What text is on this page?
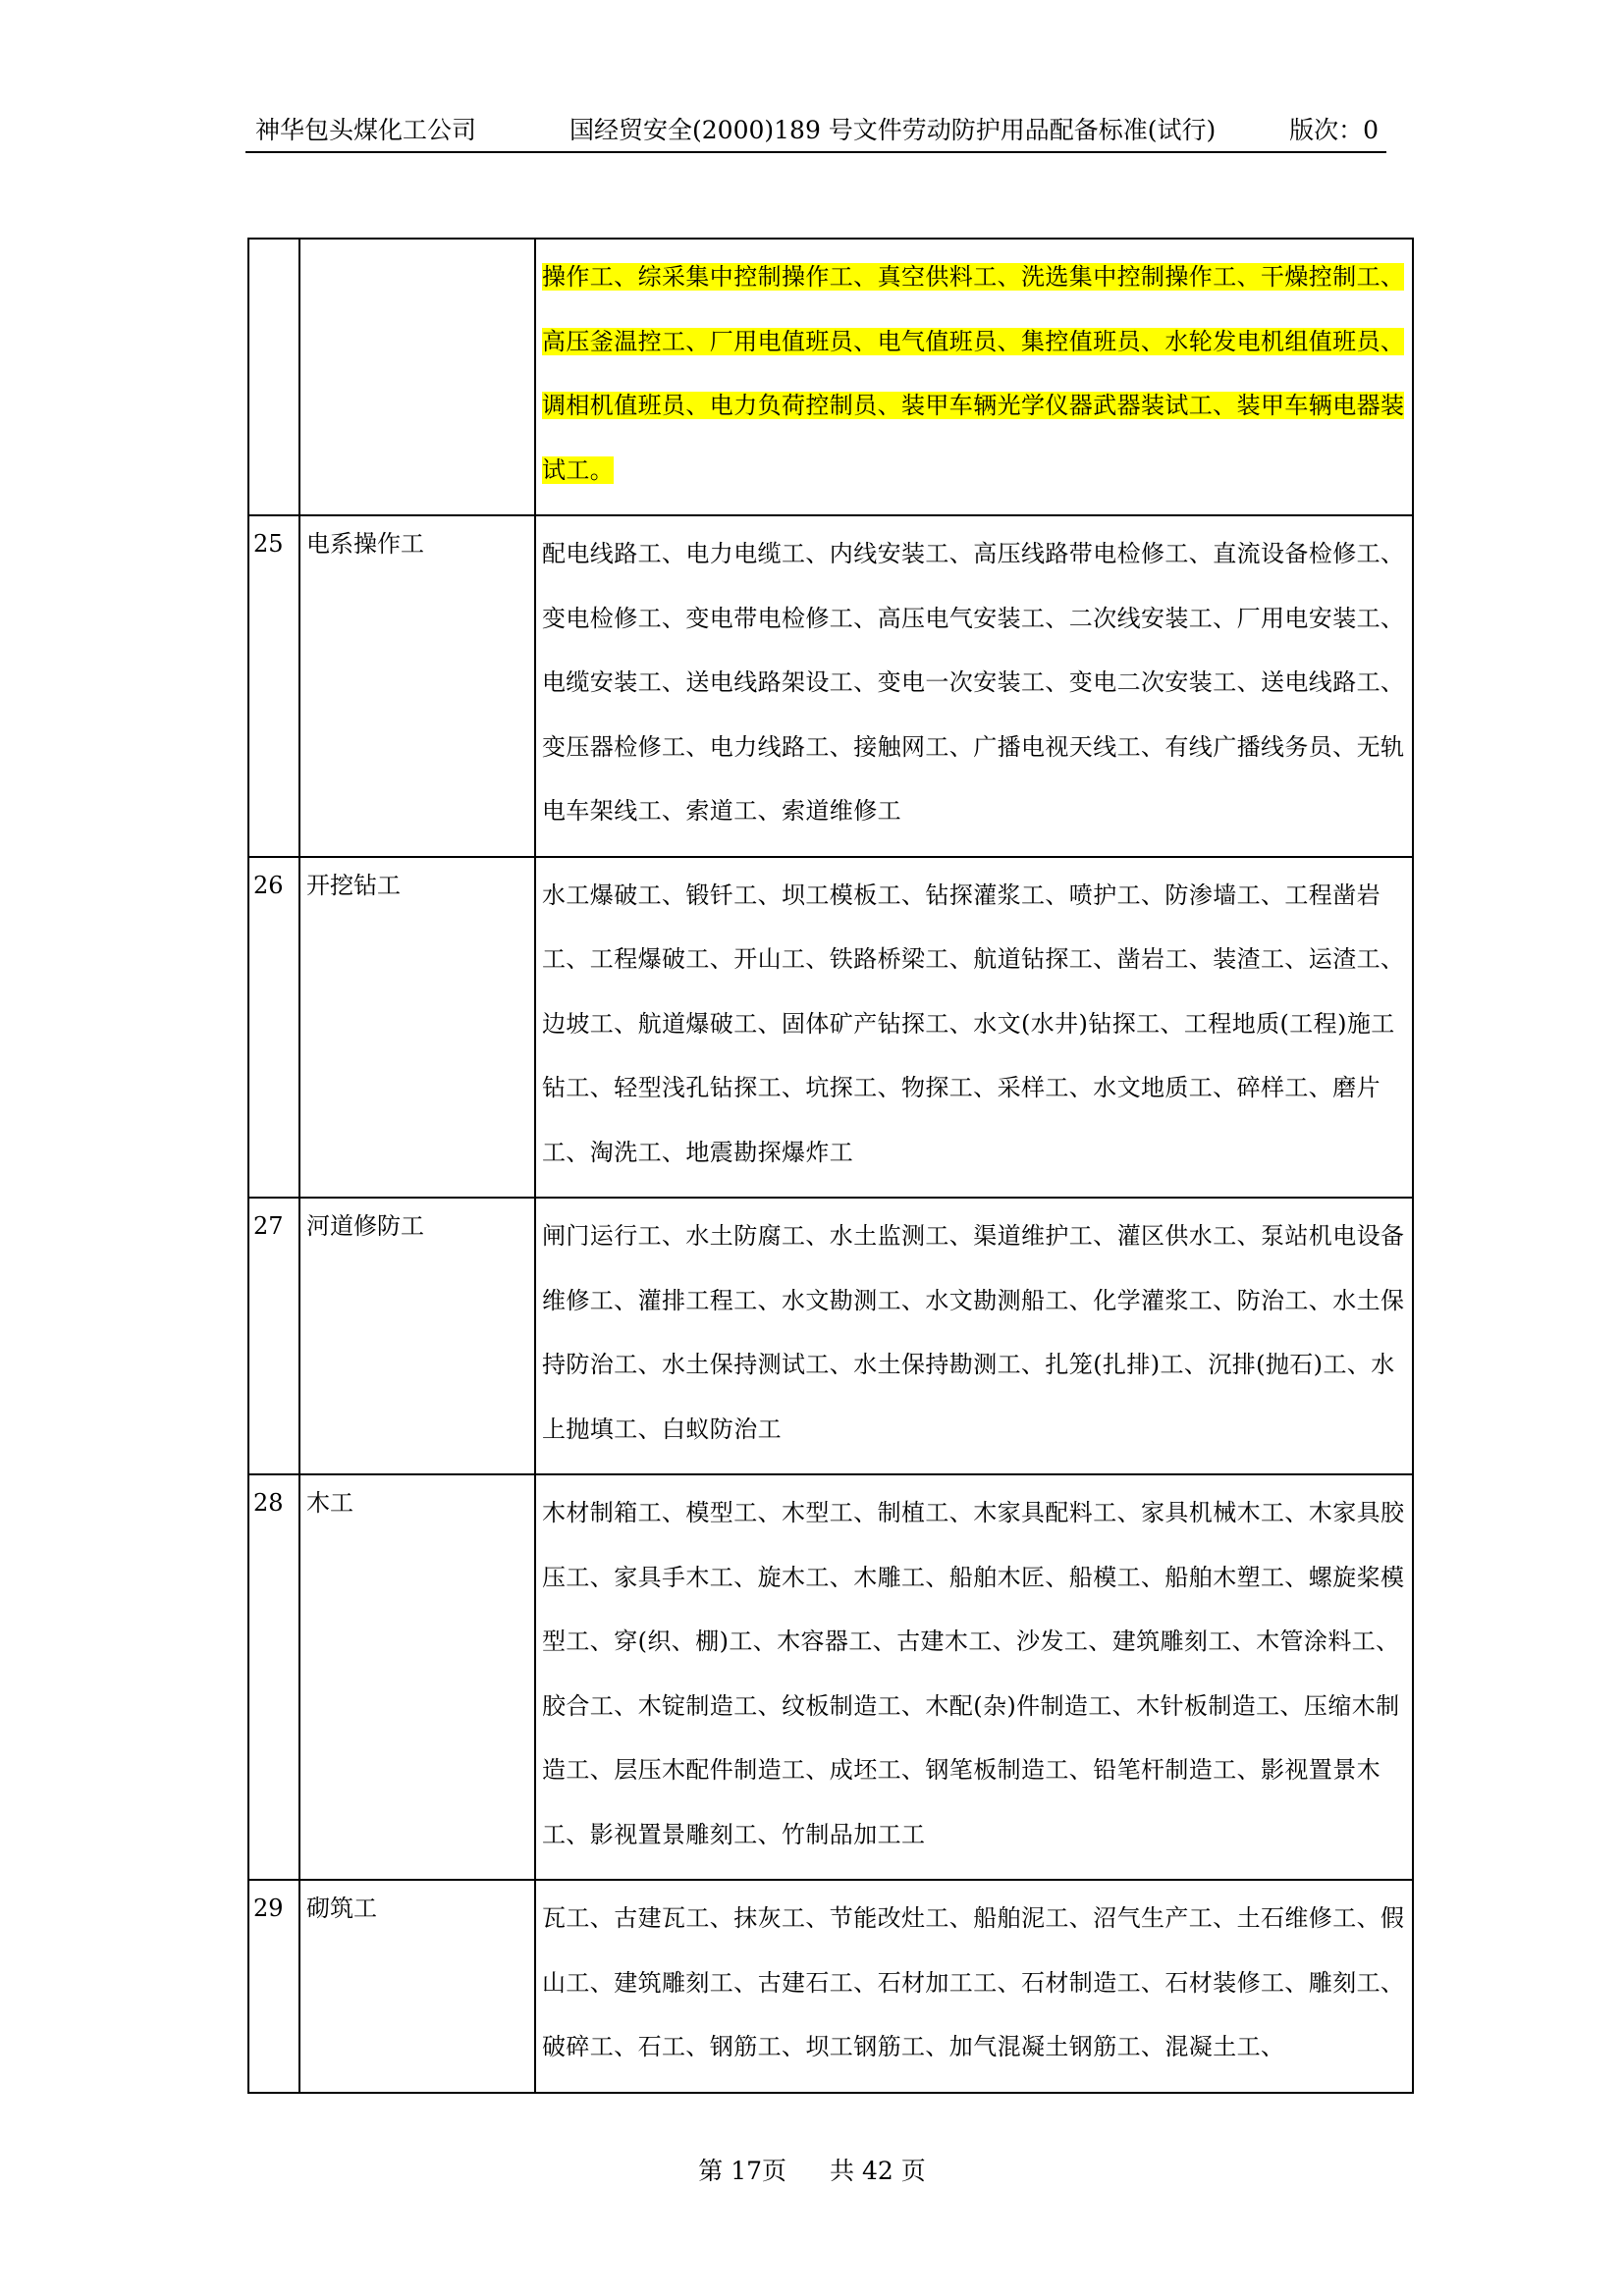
神华包头煤化工公司	国经贸安全(2000)189 号文件劳动防护用品配备标准(试行)	版次：0
		操作工、综采集中控制操作工、真空供料工、洗选集中控制操作工、干燥控制工、高压釜温控工、厂用电值班员、电气值班员、集控值班员、水轮发电机组值班员、调相机值班员、电力负荷控制员、装甲车辆光学仪器武器装试工、装甲车辆电器装试工。
25	电系操作工	配电线路工、电力电缆工、内线安装工、高压线路带电检修工、直流设备检修工、变电检修工、变电带电检修工、高压电气安装工、二次线安装工、厂用电安装工、电缆安装工、送电线路架设工、变电一次安装工、变电二次安装工、送电线路工、变压器检修工、电力线路工、接触网工、广播电视天线工、有线广播线务员、无轨电车架线工、索道工、索道维修工
26	开挖钻工	水工爆破工、锻钎工、坝工模板工、钻探灌浆工、喷护工、防渗墙工、工程凿岩工、工程爆破工、开山工、铁路桥梁工、航道钻探工、凿岩工、装渣工、运渣工、边坡工、航道爆破工、固体矿产钻探工、水文(水井)钻探工、工程地质(工程)施工钻工、轻型浅孔钻探工、坑探工、物探工、采样工、水文地质工、碎样工、磨片工、淘洗工、地震勘探爆炸工
27	河道修防工	闸门运行工、水土防腐工、水土监测工、渠道维护工、灌区供水工、泵站机电设备维修工、灌排工程工、水文勘测工、水文勘测船工、化学灌浆工、防治工、水土保持防治工、水土保持测试工、水土保持勘测工、扎笼(扎排)工、沉排(抛石)工、水上抛填工、白蚁防治工
28	木工	木材制箱工、模型工、木型工、制植工、木家具配料工、家具机械木工、木家具胶压工、家具手木工、旋木工、木雕工、船舶木匠、船模工、船舶木塑工、螺旋桨模型工、穿(织、棚)工、木容器工、古建木工、沙发工、建筑雕刻工、木管涂料工、胶合工、木锭制造工、纹板制造工、木配(杂)件制造工、木针板制造工、压缩木制造工、层压木配件制造工、成坯工、钢笔板制造工、铅笔杆制造工、影视置景木工、影视置景雕刻工、竹制品加工工
29	砌筑工	瓦工、古建瓦工、抹灰工、节能改灶工、船舶泥工、沼气生产工、土石维修工、假山工、建筑雕刻工、古建石工、石材加工工、石材制造工、石材装修工、雕刻工、破碎工、石工、钢筋工、坝工钢筋工、加气混凝土钢筋工、混凝土工、
第 17页 共 42 页
